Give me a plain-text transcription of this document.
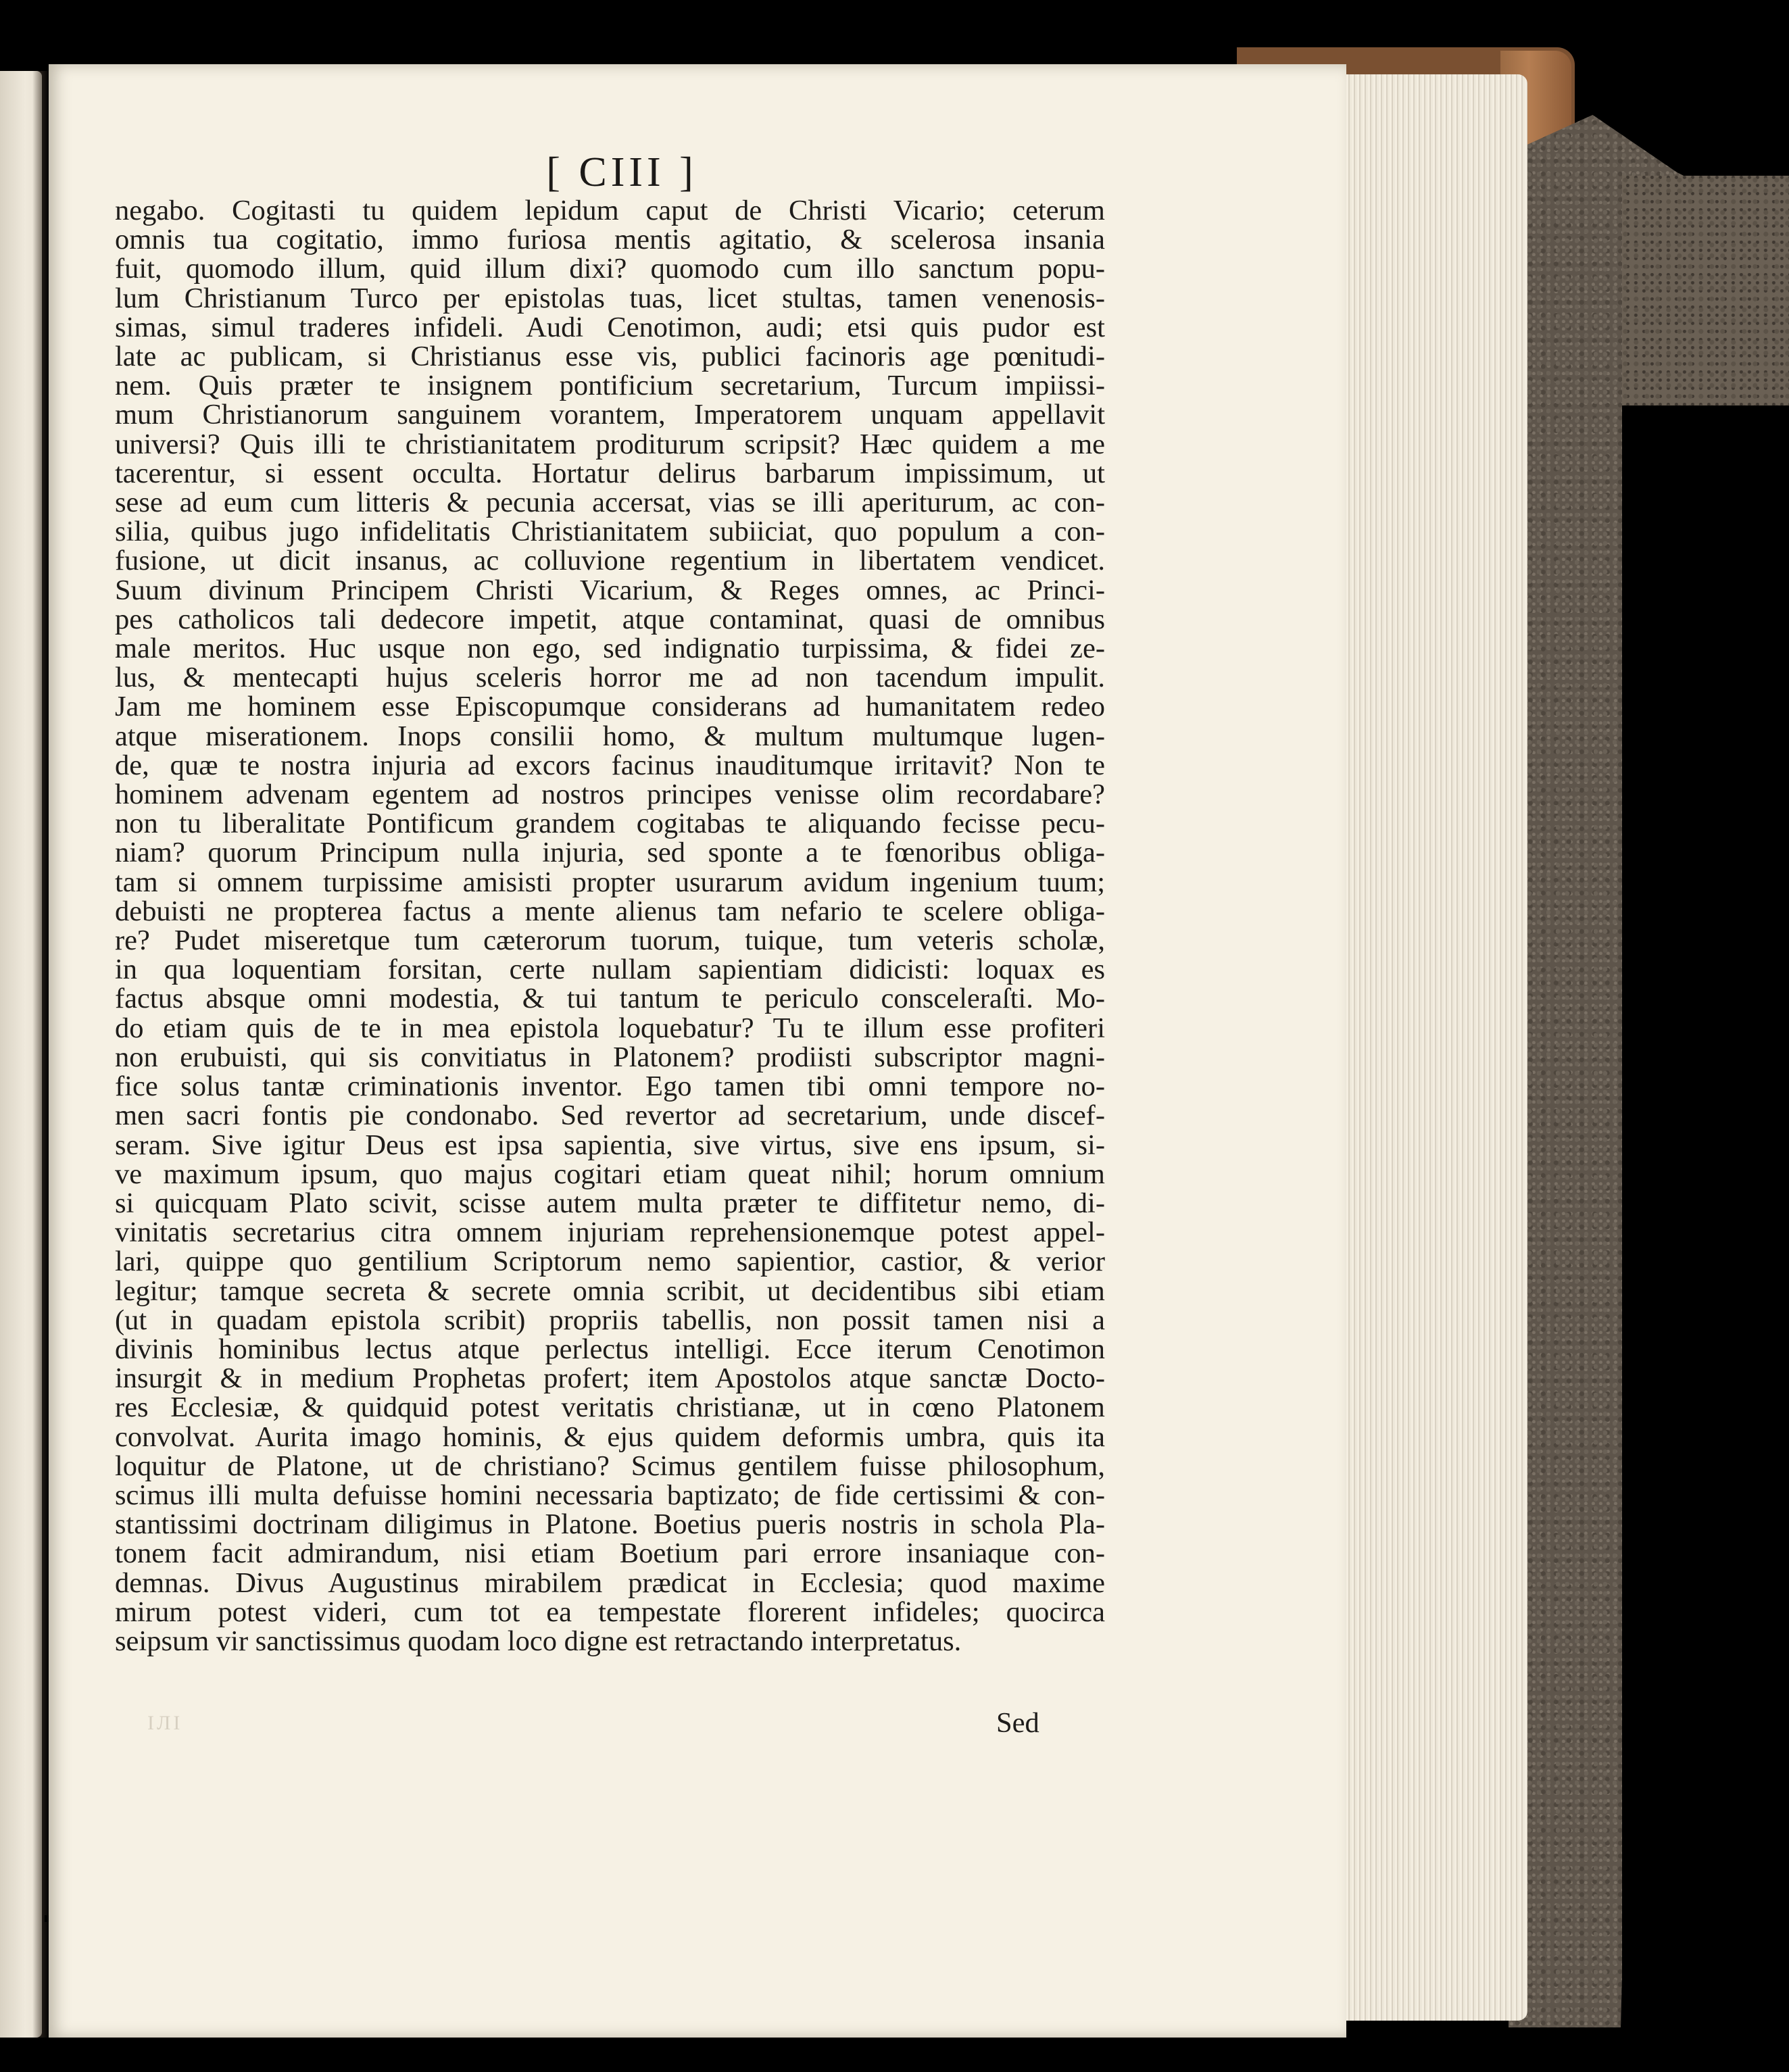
[ CIII ]
negabo. Cogitasti tu quidem lepidum caput de Christi Vicario; ceterum
omnis tua cogitatio, immo furiosa mentis agitatio, & scelerosa insania
fuit, quomodo illum, quid illum dixi? quomodo cum illo sanctum popu-
lum Christianum Turco per epistolas tuas, licet stultas, tamen venenosis-
simas, simul traderes infideli. Audi Cenotimon, audi; etsi quis pudor est
late ac publicam, si Christianus esse vis, publici facinoris age pœnitudi-
nem. Quis præter te insignem pontificium secretarium, Turcum impiissi-
mum Christianorum sanguinem vorantem, Imperatorem unquam appellavit
universi? Quis illi te christianitatem proditurum scripsit? Hæc quidem a me
tacerentur, si essent occulta. Hortatur delirus barbarum impissimum, ut
sese ad eum cum litteris & pecunia accersat, vias se illi aperiturum, ac con-
silia, quibus jugo infidelitatis Christianitatem subiiciat, quo populum a con-
fusione, ut dicit insanus, ac colluvione regentium in libertatem vendicet.
Suum divinum Principem Christi Vicarium, & Reges omnes, ac Princi-
pes catholicos tali dedecore impetit, atque contaminat, quasi de omnibus
male meritos. Huc usque non ego, sed indignatio turpissima, & fidei ze-
lus, & mentecapti hujus sceleris horror me ad non tacendum impulit.
Jam me hominem esse Episcopumque considerans ad humanitatem redeo
atque miserationem. Inops consilii homo, & multum multumque lugen-
de, quæ te nostra injuria ad excors facinus inauditumque irritavit? Non te
hominem advenam egentem ad nostros principes venisse olim recordabare?
non tu liberalitate Pontificum grandem cogitabas te aliquando fecisse pecu-
niam? quorum Principum nulla injuria, sed sponte a te fœnoribus obliga-
tam si omnem turpissime amisisti propter usurarum avidum ingenium tuum;
debuisti ne propterea factus a mente alienus tam nefario te scelere obliga-
re? Pudet miseretque tum cæterorum tuorum, tuique, tum veteris scholæ,
in qua loquentiam forsitan, certe nullam sapientiam didicisti: loquax es
factus absque omni modestia, & tui tantum te periculo consceleraſti. Mo-
do etiam quis de te in mea epistola loquebatur? Tu te illum esse profiteri
non erubuisti, qui sis convitiatus in Platonem? prodiisti subscriptor magni-
fice solus tantæ criminationis inventor. Ego tamen tibi omni tempore no-
men sacri fontis pie condonabo. Sed revertor ad secretarium, unde discef-
seram. Sive igitur Deus est ipsa sapientia, sive virtus, sive ens ipsum, si-
ve maximum ipsum, quo majus cogitari etiam queat nihil; horum omnium
si quicquam Plato scivit, scisse autem multa præter te diffitetur nemo, di-
vinitatis secretarius citra omnem injuriam reprehensionemque potest appel-
lari, quippe quo gentilium Scriptorum nemo sapientior, castior, & verior
legitur; tamque secreta & secrete omnia scribit, ut decidentibus sibi etiam
(ut in quadam epistola scribit) propriis tabellis, non possit tamen nisi a
divinis hominibus lectus atque perlectus intelligi. Ecce iterum Cenotimon
insurgit & in medium Prophetas profert; item Apostolos atque sanctæ Docto-
res Ecclesiæ, & quidquid potest veritatis christianæ, ut in cœno Platonem
convolvat. Aurita imago hominis, & ejus quidem deformis umbra, quis ita
loquitur de Platone, ut de christiano? Scimus gentilem fuisse philosophum,
scimus illi multa defuisse homini necessaria baptizato; de fide certissimi & con-
stantissimi doctrinam diligimus in Platone. Boetius pueris nostris in schola Pla-
tonem facit admirandum, nisi etiam Boetium pari errore insaniaque con-
demnas. Divus Augustinus mirabilem prædicat in Ecclesia; quod maxime
mirum potest videri, cum tot ea tempestate florerent infideles; quocirca
seipsum vir sanctissimus quodam loco digne est retractando interpretatus.
ІЛІ	Sed
